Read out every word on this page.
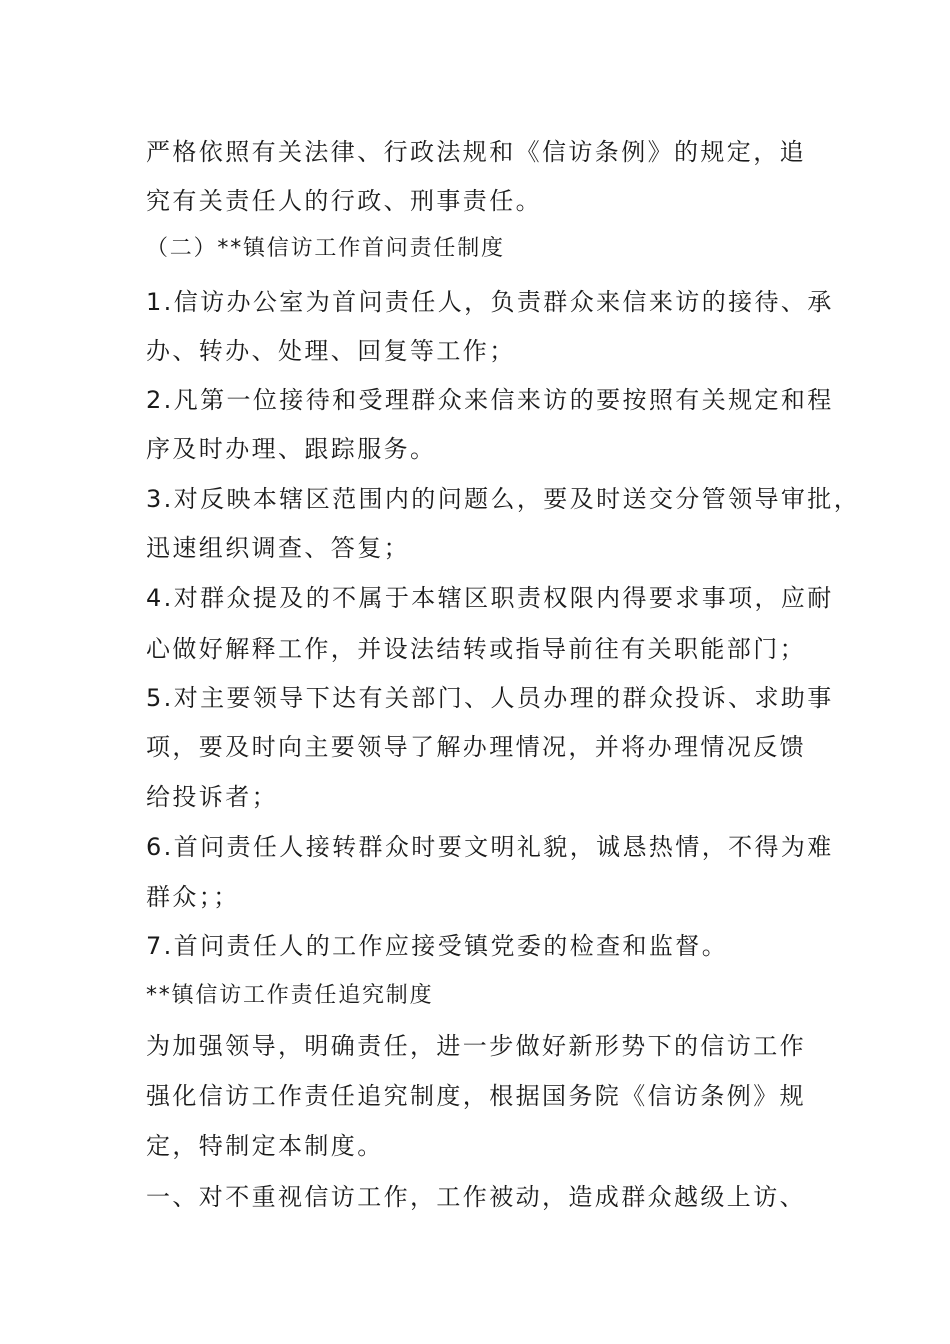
严格依照有关法律、行政法规和《信访条例》的规定，追
究有关责任人的行政、刑事责任。
（二）**镇信访工作首问责任制度
1.信访办公室为首问责任人，负责群众来信来访的接待、承
办、转办、处理、回复等工作；
2.凡第一位接待和受理群众来信来访的要按照有关规定和程
序及时办理、跟踪服务。
3.对反映本辖区范围内的问题么，要及时送交分管领导审批，
迅速组织调查、答复；
4.对群众提及的不属于本辖区职责权限内得要求事项，应耐
心做好解释工作，并设法结转或指导前往有关职能部门；
5.对主要领导下达有关部门、人员办理的群众投诉、求助事
项，要及时向主要领导了解办理情况，并将办理情况反馈
给投诉者；
6.首问责任人接转群众时要文明礼貌，诚恳热情，不得为难
群众；；
7.首问责任人的工作应接受镇党委的检查和监督。
**镇信访工作责任追究制度
为加强领导，明确责任，进一步做好新形势下的信访工作
强化信访工作责任追究制度，根据国务院《信访条例》规
定，特制定本制度。
一、对不重视信访工作，工作被动，造成群众越级上访、
